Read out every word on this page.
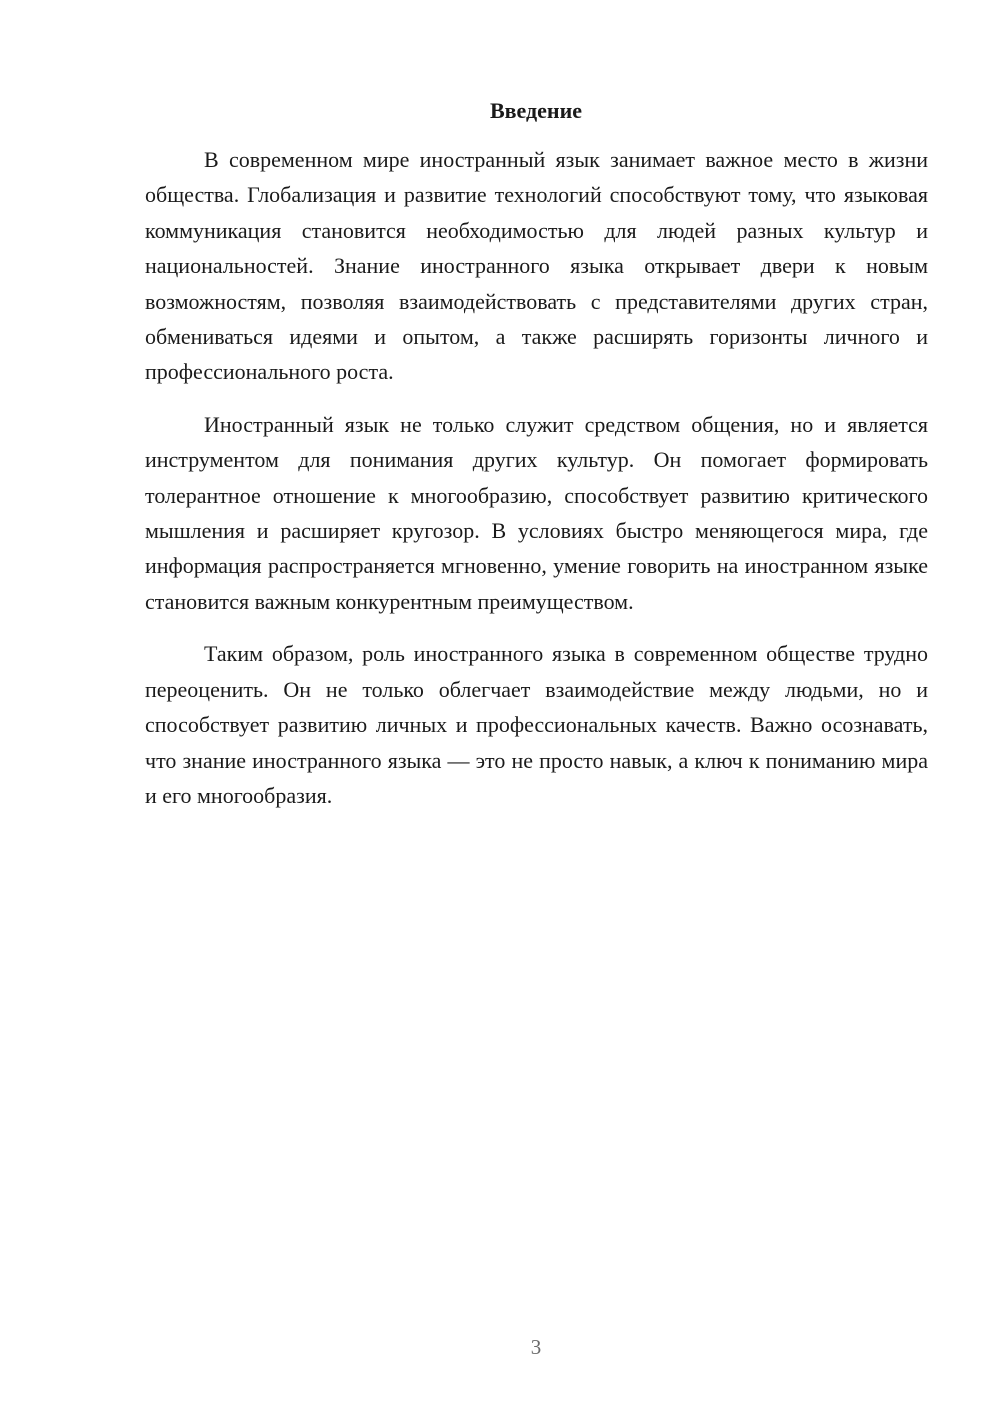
Введение

В современном мире иностранный язык занимает важное место в жизни общества. Глобализация и развитие технологий способствуют тому, что языковая коммуникация становится необходимостью для людей разных культур и национальностей. Знание иностранного языка открывает двери к новым возможностям, позволяя взаимодействовать с представителями других стран, обмениваться идеями и опытом, а также расширять горизонты личного и профессионального роста.

Иностранный язык не только служит средством общения, но и является инструментом для понимания других культур. Он помогает формировать толерантное отношение к многообразию, способствует развитию критического мышления и расширяет кругозор. В условиях быстро меняющегося мира, где информация распространяется мгновенно, умение говорить на иностранном языке становится важным конкурентным преимуществом.

Таким образом, роль иностранного языка в современном обществе трудно переоценить. Он не только облегчает взаимодействие между людьми, но и способствует развитию личных и профессиональных качеств. Важно осознавать, что знание иностранного языка — это не просто навык, а ключ к пониманию мира и его многообразия.

3
